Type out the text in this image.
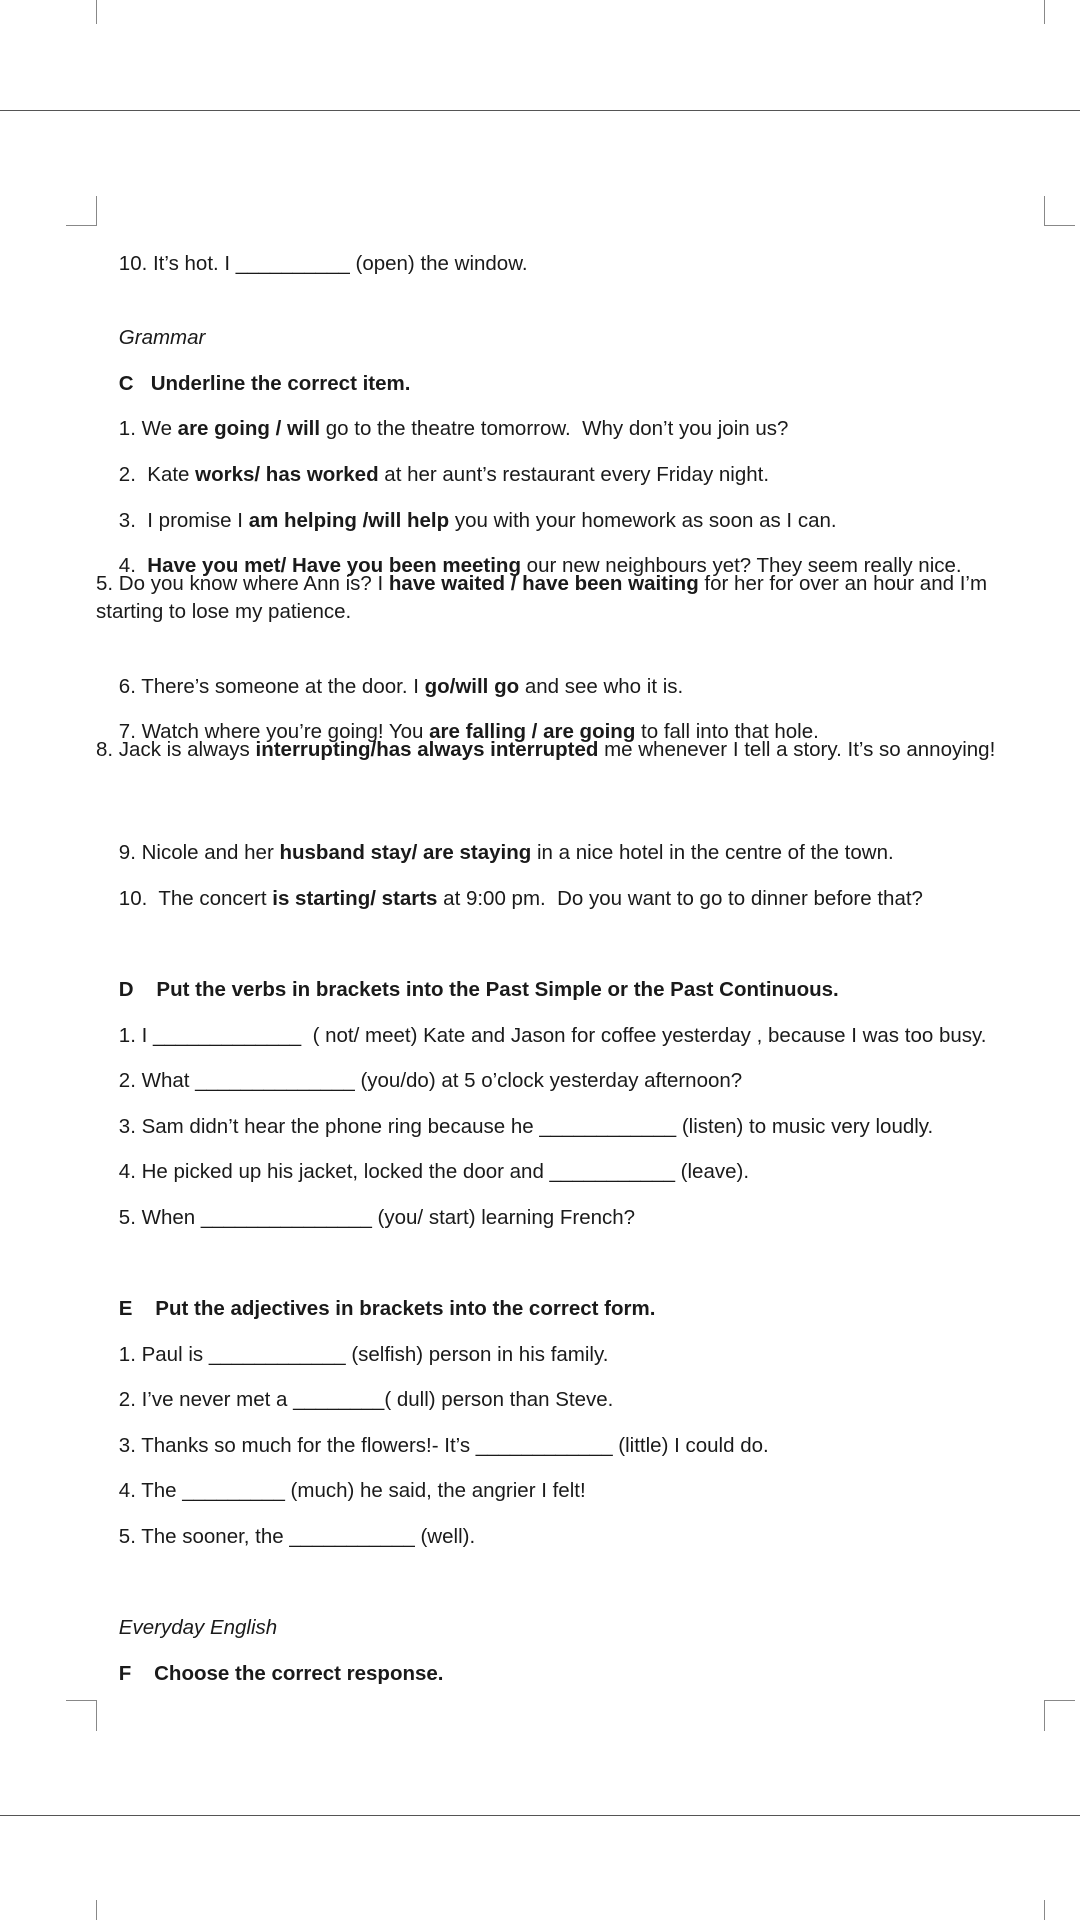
10. It’s hot. I __________ (open) the window.

Grammar

C Underline the correct item.

1. We are going / will go to the theatre tomorrow.  Why don’t you join us?

2.  Kate works/ has worked at her aunt’s restaurant every Friday night.

3.  I promise I am helping /will help you with your homework as soon as I can.

4.  Have you met/ Have you been meeting our new neighbours yet? They seem really nice.

5. Do you know where Ann is? I have waited / have been waiting for her for over an hour and I’m starting to lose my patience.

6. There’s someone at the door. I go/will go and see who it is.

7. Watch where you’re going! You are falling / are going to fall into that hole.

8. Jack is always interrupting/has always interrupted me whenever I tell a story. It’s so annoying!

9. Nicole and her husband stay/ are staying in a nice hotel in the centre of the town.

10.  The concert is starting/ starts at 9:00 pm.  Do you want to go to dinner before that?

D Put the verbs in brackets into the Past Simple or the Past Continuous.

1. I _____________  ( not/ meet) Kate and Jason for coffee yesterday , because I was too busy.

2. What ______________ (you/do) at 5 o’clock yesterday afternoon?

3. Sam didn’t hear the phone ring because he ____________ (listen) to music very loudly.

4. He picked up his jacket, locked the door and ___________ (leave).

5. When _______________ (you/ start) learning French?

E Put the adjectives in brackets into the correct form.

1. Paul is ____________ (selfish) person in his family.

2. I’ve never met a ________( dull) person than Steve.

3. Thanks so much for the flowers!- It’s ____________ (little) I could do.

4. The _________ (much) he said, the angrier I felt!

5. The sooner, the ___________ (well).

Everyday English

F Choose the correct response.
